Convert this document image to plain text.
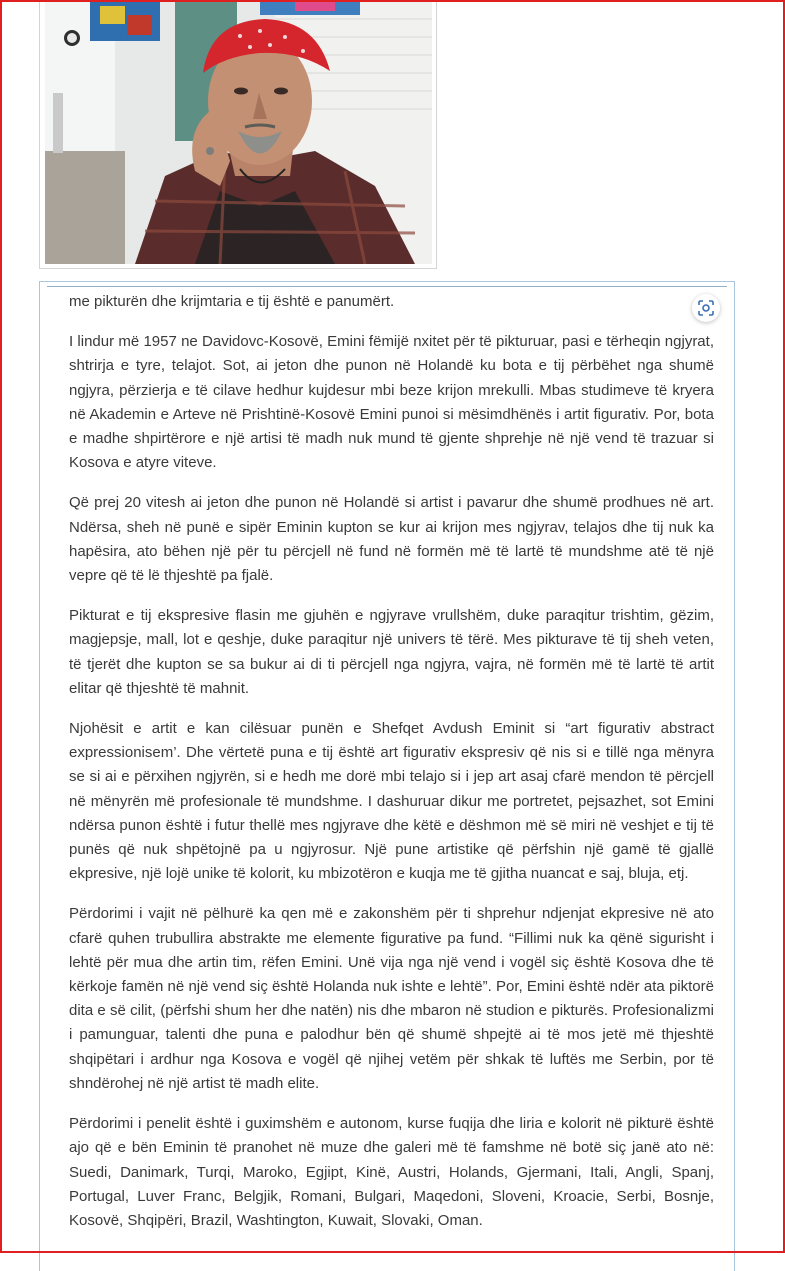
me pikturën dhe krijmtaria e tij është e panumërt.

I lindur më 1957 ne Davidovc-Kosovë, Emini fëmijë nxitet për të pikturuar, pasi e tërheqin ngjyrat, shtrirja e tyre, telajot. Sot, ai jeton dhe punon në Holandë ku bota e tij përbëhet nga shumë ngjyra, përzierja e të cilave hedhur kujdesur mbi beze krijon mrekulli. Mbas studimeve të kryera në Akademin e Arteve në Prishtinë-Kosovë Emini punoi si mësimdhënës i artit figurativ. Por, bota e madhe shpirtërore e një artisi të madh nuk mund të gjente shprehje në një vend të trazuar si Kosova e atyre viteve.

Që prej 20 vitesh ai jeton dhe punon në Holandë si artist i pavarur dhe shumë prodhues në art. Ndërsa, sheh në punë e sipër Eminin kupton se kur ai krijon mes ngjyrav, telajos dhe tij nuk ka hapësira, ato bëhen një për tu përcjell në fund në formën më të lartë të mundshme atë të një vepre që të lë thjeshtë pa fjalë.

Pikturat e tij ekspresive flasin me gjuhën e ngjyrave vrullshëm, duke paraqitur trishtim, gëzim, magjepsje, mall, lot e qeshje, duke paraqitur një univers të tërë. Mes pikturave të tij sheh veten, të tjerët dhe kupton se sa bukur ai di ti përcjell nga ngjyra, vajra, në formën më të lartë të artit elitar që thjeshtë të mahnit.

Njohësit e artit e kan cilësuar punën e Shefqet Avdush Eminit si “art figurativ abstract expressionisem’. Dhe vërtetë puna e tij është art figurativ ekspresiv që nis si e tillë nga mënyra se si ai e përxihen ngjyrën, si e hedh me dorë mbi telajo si i jep art asaj cfarë mendon të përcjell në mënyrën më profesionale të mundshme. I dashuruar dikur me portretet, pejsazhet, sot Emini ndërsa punon është i futur thellë mes ngjyrave dhe këtë e dëshmon më së miri në veshjet e tij të punës që nuk shpëtojnë pa u ngjyrosur. Një pune artistike që përfshin një gamë të gjallë ekpresive, një lojë unike të kolorit, ku mbizotëron e kuqja me të gjitha nuancat e saj, bluja, etj.

Përdorimi i vajit në pëlhurë ka qen më e zakonshëm për ti shprehur ndjenjat ekpresive në ato cfarë quhen trubullira abstrakte me elemente figurative pa fund. “Fillimi nuk ka qënë sigurisht i lehtë për mua dhe artin tim, rëfen Emini. Unë vija nga një vend i vogël siç është Kosova dhe të kërkoje famën në një vend siç është Holanda nuk ishte e lehtë”. Por, Emini është ndër ata piktorë dita e së cilit, (përfshi shum her dhe natën) nis dhe mbaron në studion e pikturës. Profesionalizmi i pamunguar, talenti dhe puna e palodhur bën që shumë shpejtë ai të mos jetë më thjeshtë shqipëtari i ardhur nga Kosova e vogël që njihej vetëm për shkak të luftës me Serbin, por të shndërohej në një artist të madh elite.

Përdorimi i penelit është i guximshëm e autonom, kurse fuqija dhe liria e kolorit në pikturë është ajo që e bën Eminin të pranohet në muze dhe galeri më të famshme në botë siç janë ato në: Suedi, Danimark, Turqi, Maroko, Egjipt, Kinë, Austri, Holands, Gjermani, Itali, Angli, Spanj, Portugal, Luver Franc, Belgjik, Romani, Bulgari, Maqedoni, Sloveni, Kroacie, Serbi, Bosnje, Kosovë, Shqipëri, Brazil, Washtington, Kuwait, Slovaki, Oman.
